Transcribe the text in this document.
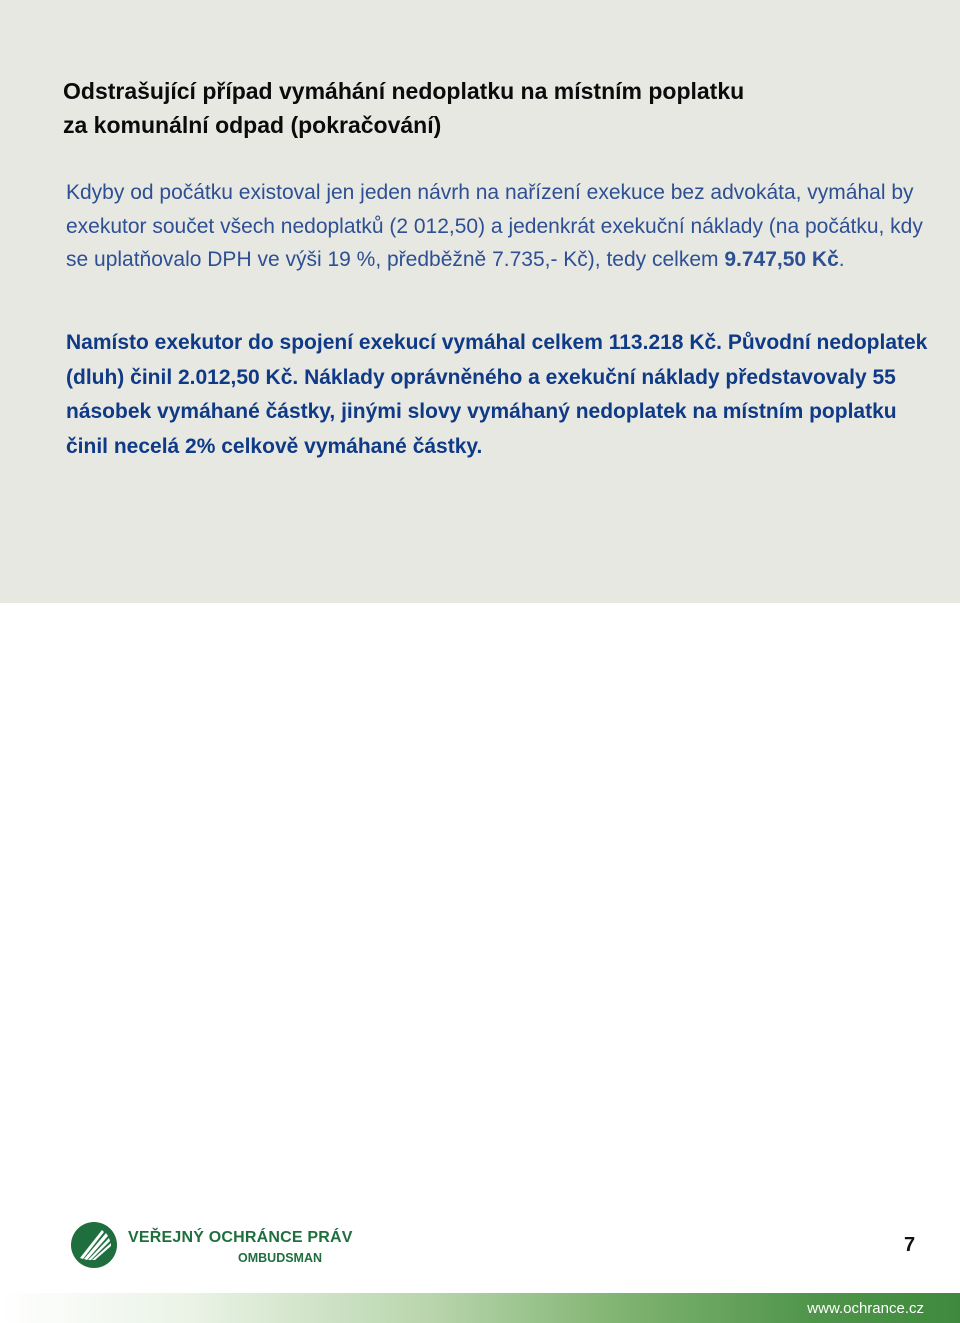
Odstrašující případ vymáhání nedoplatku na místním poplatku
za komunální odpad (pokračování)
Kdyby od počátku existoval jen jeden návrh na nařízení exekuce bez advokáta, vymáhal by exekutor součet všech nedoplatků (2 012,50) a jedenkrát exekuční náklady (na počátku, kdy se uplatňovalo DPH ve výši 19 %, předběžně 7.735,- Kč), tedy celkem 9.747,50 Kč.
Namísto exekutor do spojení exekucí vymáhal celkem 113.218 Kč. Původní nedoplatek (dluh) činil 2.012,50 Kč. Náklady oprávněného a exekuční náklady představovaly 55 násobek vymáhané částky, jinými slovy vymáhaný nedoplatek na místním poplatku činil necelá 2% celkově vymáhané částky.
VEŘEJNÝ OCHRÁNCE PRÁV
OMBUDSMAN
7
www.ochrance.cz
